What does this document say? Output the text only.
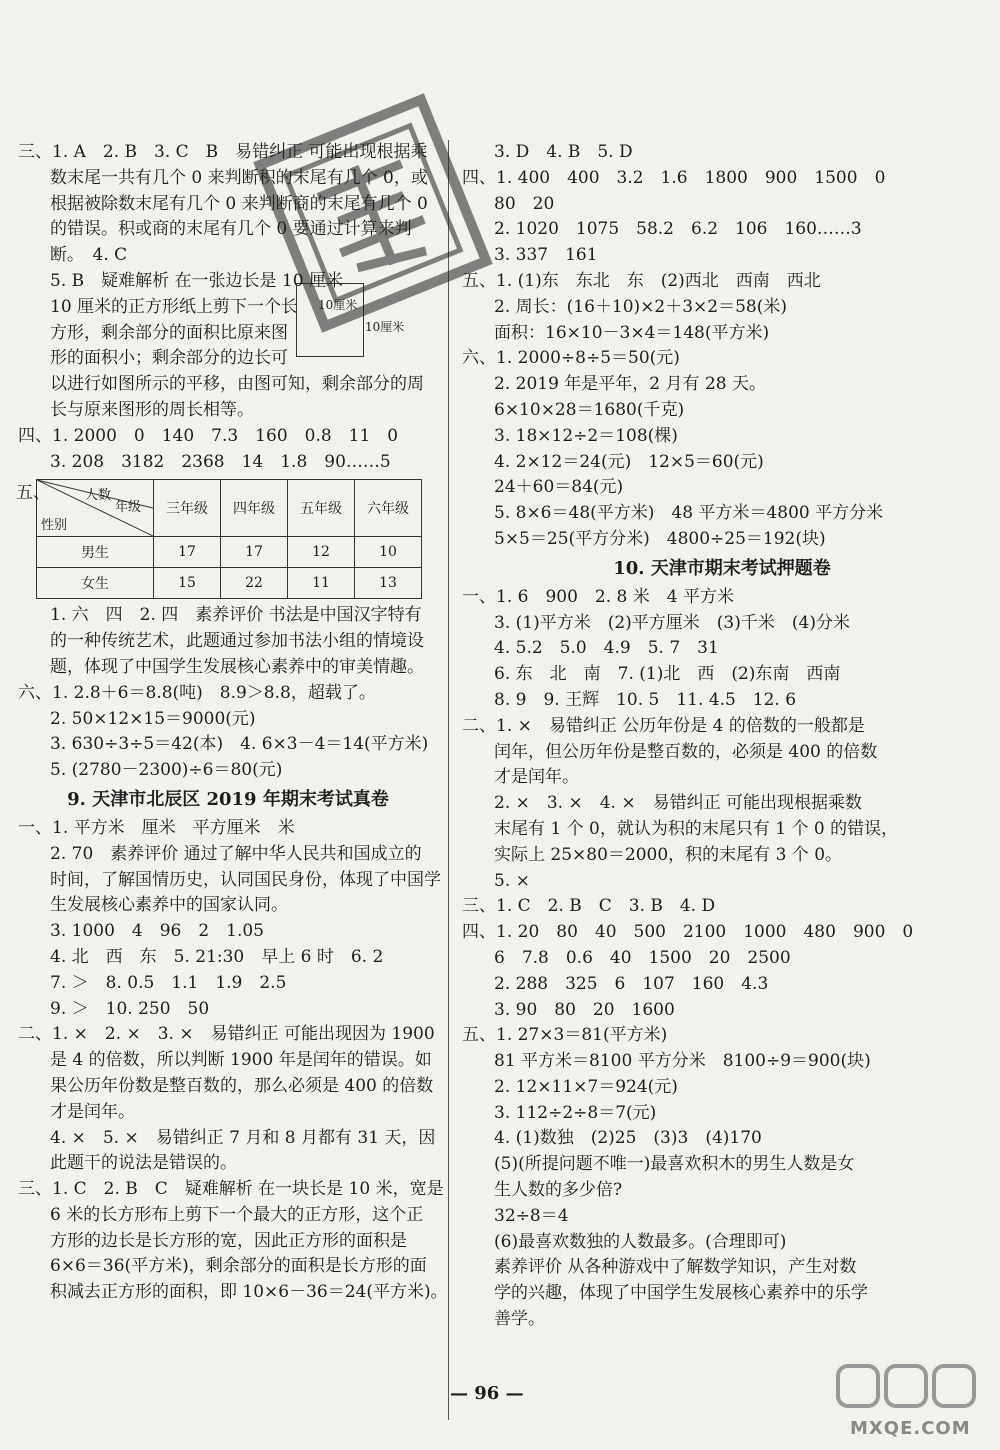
三、1. A　2. B　3. C　B　易错纠正 可能出现根据乘
数末尾一共有几个 0 来判断积的末尾有几个 0，或
根据被除数末尾有几个 0 来判断商的末尾有几个 0
的错误。积或商的末尾有几个 0 要通过计算来判
断。　4. C
5. B　疑难解析 在一张边长是 10 厘米
10 厘米的正方形纸上剪下一个长
方形，剩余部分的面积比原来图
形的面积小；剩余部分的边长可
以进行如图所示的平移，由图可知，剩余部分的周
长与原来图形的周长相等。
四、1. 2000　0　140　7.3　160　0.8　11　0
3. 208　3182　2368　14　1.8　90……5
五、
年级
人数
性别	三年级	四年级	五年级	六年级
男生	17	17	12	10
女生	15	22	11	13
1. 六　四　2. 四　素养评价 书法是中国汉字特有
的一种传统艺术，此题通过参加书法小组的情境设
题，体现了中国学生发展核心素养中的审美情趣。
六、1. 2.8＋6＝8.8(吨)　8.9＞8.8，超载了。
2. 50×12×15＝9000(元)
3. 630÷3÷5＝42(本)　4. 6×3－4＝14(平方米)
5. (2780－2300)÷6＝80(元)
9. 天津市北辰区 2019 年期末考试真卷
一、1. 平方米　厘米　平方厘米　米
2. 70　素养评价 通过了解中华人民共和国成立的
时间，了解国情历史，认同国民身份，体现了中国学
生发展核心素养中的国家认同。
3. 1000　4　96　2　1.05
4. 北　西　东　5. 21:30　早上 6 时　6. 2
7. ＞　8. 0.5　1.1　1.9　2.5
9. ＞　10. 250　50
二、1. ×　2. ×　3. ×　易错纠正 可能出现因为 1900
是 4 的倍数，所以判断 1900 年是闰年的错误。如
果公历年份数是整百数的，那么必须是 400 的倍数
才是闰年。
4. ×　5. ×　易错纠正 7 月和 8 月都有 31 天，因
此题干的说法是错误的。
三、1. C　2. B　C　疑难解析 在一块长是 10 米，宽是
6 米的长方形布上剪下一个最大的正方形，这个正
方形的边长是长方形的宽，因此正方形的面积是
6×6＝36(平方米)，剩余部分的面积是长方形的面
积减去正方形的面积，即 10×6－36＝24(平方米)。
10厘米
10厘米
3. D　4. B　5. D
四、1. 400　400　3.2　1.6　1800　900　1500　0
80　20
2. 1020　1075　58.2　6.2　106　160……3
3. 337　161
五、1. (1)东　东北　东　(2)西北　西南　西北
2. 周长：(16＋10)×2＋3×2＝58(米)
面积：16×10－3×4＝148(平方米)
六、1. 2000÷8÷5＝50(元)
2. 2019 年是平年，2 月有 28 天。
6×10×28＝1680(千克)
3. 18×12÷2＝108(棵)
4. 2×12＝24(元)　12×5＝60(元)
24＋60＝84(元)
5. 8×6＝48(平方米)　48 平方米＝4800 平方分米
5×5＝25(平方分米)　4800÷25＝192(块)
10. 天津市期末考试押题卷
一、1. 6　900　2. 8 米　4 平方米
3. (1)平方米　(2)平方厘米　(3)千米　(4)分米
4. 5.2　5.0　4.9　5. 7　31
6. 东　北　南　7. (1)北　西　(2)东南　西南
8. 9　9. 王辉　10. 5　11. 4.5　12. 6
二、1. ×　易错纠正 公历年份是 4 的倍数的一般都是
闰年，但公历年份是整百数的，必须是 400 的倍数
才是闰年。
2. ×　3. ×　4. ×　易错纠正 可能出现根据乘数
末尾有 1 个 0，就认为积的末尾只有 1 个 0 的错误，
实际上 25×80＝2000，积的末尾有 3 个 0。
5. ×
三、1. C　2. B　C　3. B　4. D
四、1. 20　80　40　500　2100　1000　480　900　0
6　7.8　0.6　40　1500　20　2500
2. 288　325　6　107　160　4.3
3. 90　80　20　1600
五、1. 27×3＝81(平方米)
81 平方米＝8100 平方分米　8100÷9＝900(块)
2. 12×11×7＝924(元)
3. 112÷2÷8＝7(元)
4. (1)数独　(2)25　(3)3　(4)170
(5)(所提问题不唯一)最喜欢积木的男生人数是女
生人数的多少倍?
32÷8＝4
(6)最喜欢数独的人数最多。(合理即可)
素养评价 从各种游戏中了解数学知识，产生对数
学的兴趣，体现了中国学生发展核心素养中的乐学
善学。
— 96 —
MXQE.COM
